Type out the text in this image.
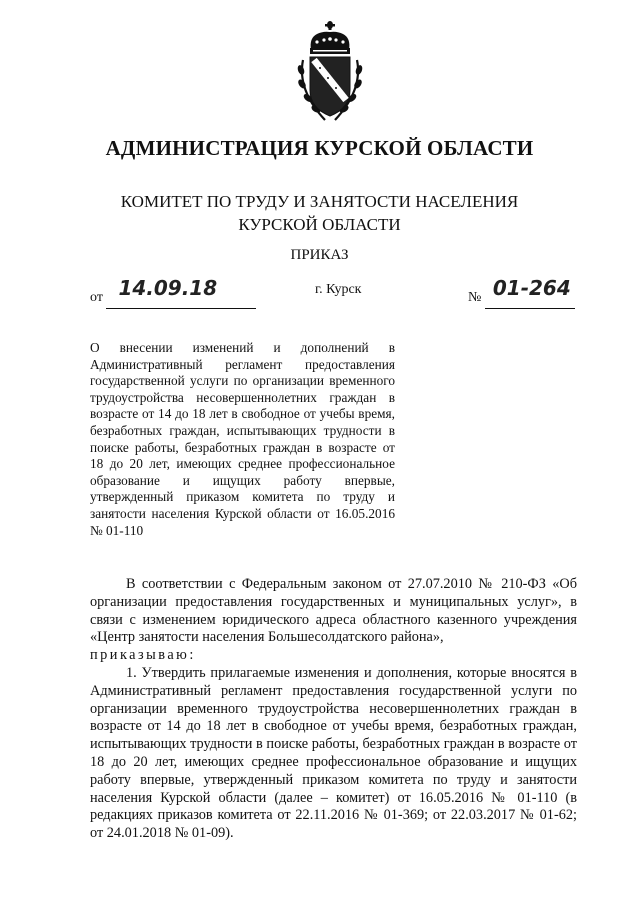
АДМИНИСТРАЦИЯ КУРСКОЙ ОБЛАСТИ
КОМИТЕТ ПО ТРУДУ И ЗАНЯТОСТИ НАСЕЛЕНИЯ
КУРСКОЙ ОБЛАСТИ
ПРИКАЗ
от 14.09.18	г. Курск
№ 01-264
О внесении изменений и дополнений в Административный регламент предоставления государственной услуги по организации временного трудоустройства несовершеннолетних граждан в возрасте от 14 до 18 лет в свободное от учебы время, безработных граждан, испытывающих трудности в поиске работы, безработных граждан в возрасте от 18 до 20 лет, имеющих среднее профессиональное образование и ищущих работу впервые, утвержденный приказом комитета по труду и занятости населения Курской области от 16.05.2016 № 01-110

В соответствии с Федеральным законом от 27.07.2010 № 210-ФЗ «Об организации предоставления государственных и муниципальных услуг», в связи с изменением юридического адреса областного казенного учреждения «Центр занятости населения Большесолдатского района»,

приказываю:

1. Утвердить прилагаемые изменения и дополнения, которые вносятся в Административный регламент предоставления государственной услуги по организации временного трудоустройства несовершеннолетних граждан в возрасте от 14 до 18 лет в свободное от учебы время, безработных граждан, испытывающих трудности в поиске работы, безработных граждан в возрасте от 18 до 20 лет, имеющих среднее профессиональное образование и ищущих работу впервые, утвержденный приказом комитета по труду и занятости населения Курской области (далее – комитет) от 16.05.2016 № 01-110 (в редакциях приказов комитета от 22.11.2016 № 01-369; от 22.03.2017 № 01-62; от 24.01.2018 № 01-09).
